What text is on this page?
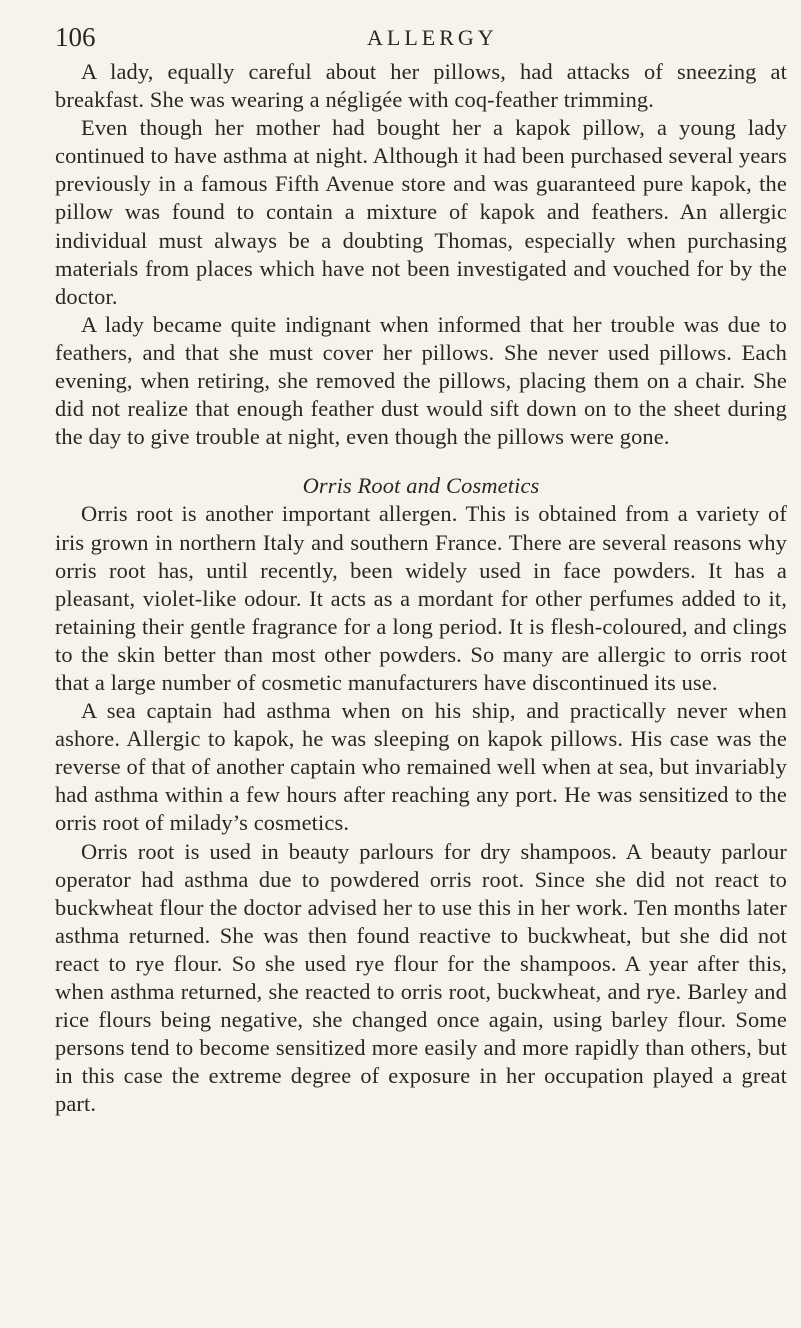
106	ALLERGY

A lady, equally careful about her pillows, had attacks of sneezing at breakfast. She was wearing a négligée with coq-feather trimming.

Even though her mother had bought her a kapok pillow, a young lady continued to have asthma at night. Although it had been purchased several years previously in a famous Fifth Avenue store and was guaranteed pure kapok, the pillow was found to contain a mixture of kapok and feathers. An allergic individual must always be a doubting Thomas, especially when purchasing materials from places which have not been investigated and vouched for by the doctor.

A lady became quite indignant when informed that her trouble was due to feathers, and that she must cover her pillows. She never used pillows. Each evening, when retiring, she removed the pillows, placing them on a chair. She did not realize that enough feather dust would sift down on to the sheet during the day to give trouble at night, even though the pillows were gone.

Orris Root and Cosmetics

Orris root is another important allergen. This is obtained from a variety of iris grown in northern Italy and southern France. There are several reasons why orris root has, until recently, been widely used in face powders. It has a pleasant, violet-like odour. It acts as a mordant for other perfumes added to it, retaining their gentle fragrance for a long period. It is flesh-coloured, and clings to the skin better than most other powders. So many are allergic to orris root that a large number of cosmetic manufacturers have discontinued its use.

A sea captain had asthma when on his ship, and practically never when ashore. Allergic to kapok, he was sleeping on kapok pillows. His case was the reverse of that of another captain who remained well when at sea, but invariably had asthma within a few hours after reaching any port. He was sensitized to the orris root of milady’s cosmetics.

Orris root is used in beauty parlours for dry shampoos. A beauty parlour operator had asthma due to powdered orris root. Since she did not react to buckwheat flour the doctor advised her to use this in her work. Ten months later asthma returned. She was then found reactive to buckwheat, but she did not react to rye flour. So she used rye flour for the shampoos. A year after this, when asthma returned, she reacted to orris root, buckwheat, and rye. Barley and rice flours being negative, she changed once again, using barley flour. Some persons tend to become sensitized more easily and more rapidly than others, but in this case the extreme degree of exposure in her occupation played a great part.
